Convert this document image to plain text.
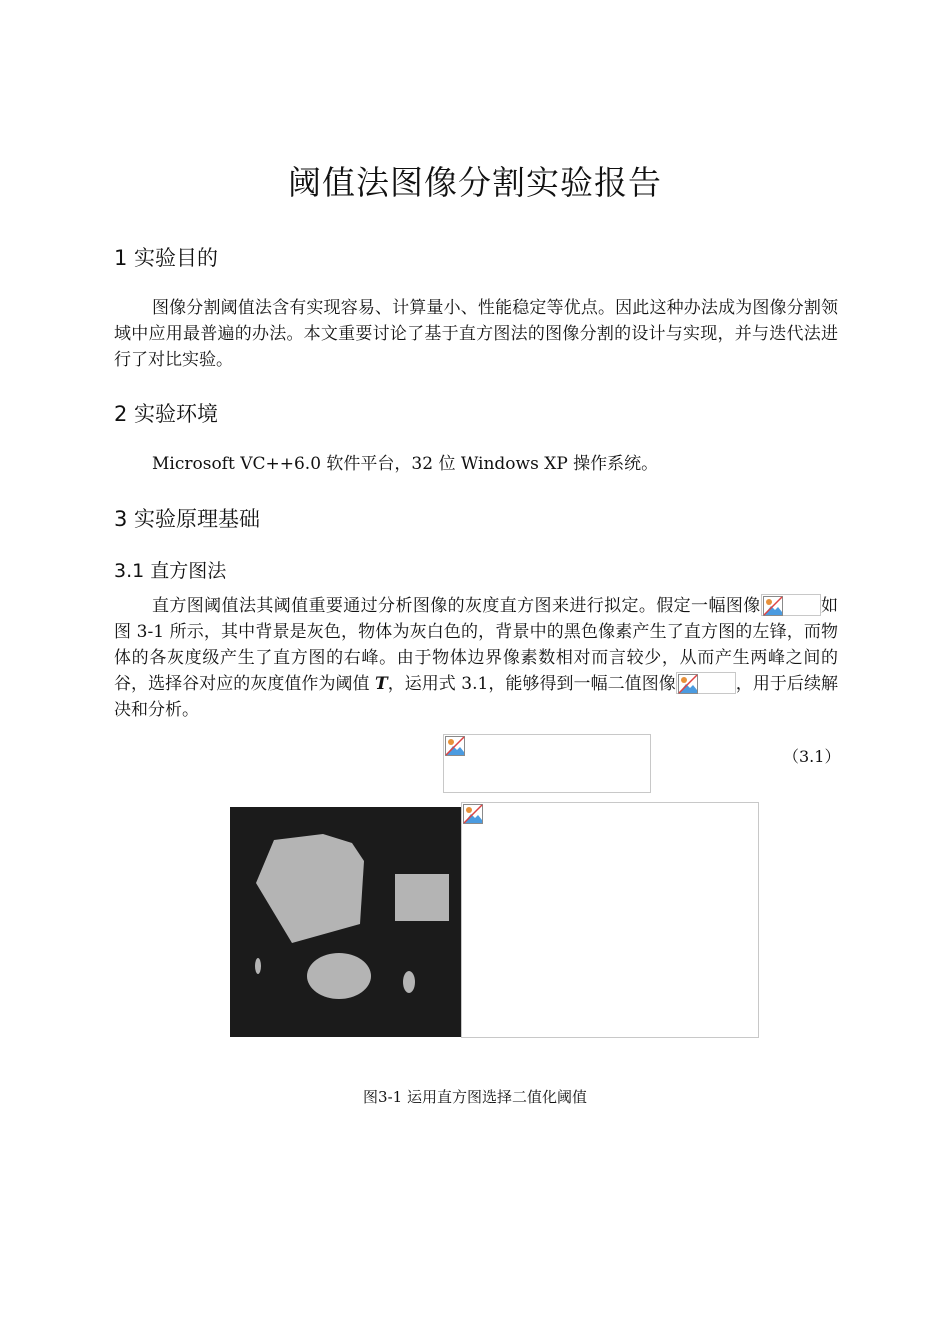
阈值法图像分割实验报告
1 实验目的
图像分割阈值法含有实现容易、计算量小、性能稳定等优点。因此这种办法成为图像分割领域中应用最普遍的办法。本文重要讨论了基于直方图法的图像分割的设计与实现，并与迭代法进行了对比实验。
2 实验环境
Microsoft VC++6.0 软件平台，32 位 Windows XP 操作系统。
3 实验原理基础
3.1 直方图法
直方图阈值法其阈值重要通过分析图像的灰度直方图来进行拟定。假定一幅图像	如图 3-1 所示，其中背景是灰色，物体为灰白色的，背景中的黑色像素产生了直方图的左锋，而物体的各灰度级产生了直方图的右峰。由于物体边界像素数相对而言较少，从而产生两峰之间的谷，选择谷对应的灰度值作为阈值 T，运用式 3.1，能够得到一幅二值图像	，用于后续解决和分析。
（3.1）
图3-1 运用直方图选择二值化阈值
